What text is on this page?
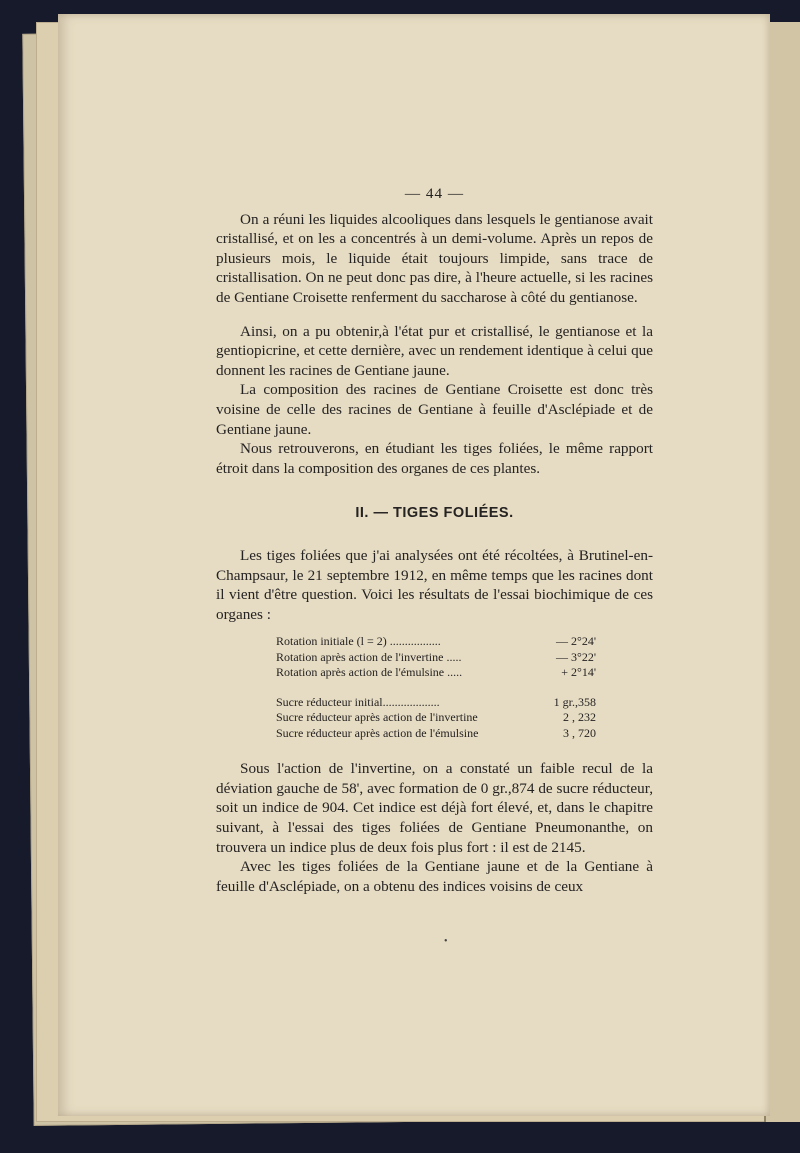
— 44 —

On a réuni les liquides alcooliques dans lesquels le gentianose avait cristallisé, et on les a concentrés à un demi-volume. Après un repos de plusieurs mois, le liquide était toujours limpide, sans trace de cristallisation. On ne peut donc pas dire, à l'heure actuelle, si les racines de Gentiane Croisette renferment du saccharose à côté du gentianose.

Ainsi, on a pu obtenir,à l'état pur et cristallisé, le gentianose et la gentiopicrine, et cette dernière, avec un rendement identique à celui que donnent les racines de Gentiane jaune.

La composition des racines de Gentiane Croisette est donc très voisine de celle des racines de Gentiane à feuille d'Asclépiade et de Gentiane jaune.

Nous retrouverons, en étudiant les tiges foliées, le même rapport étroit dans la composition des organes de ces plantes.

II. — TIGES FOLIÉES.

Les tiges foliées que j'ai analysées ont été récoltées, à Brutinel-en-Champsaur, le 21 septembre 1912, en même temps que les racines dont il vient d'être question. Voici les résultats de l'essai biochimique de ces organes :

Rotation initiale (l = 2) .................	— 2°24'
Rotation après action de l'invertine .....	— 3°22'
Rotation après action de l'émulsine .....	+ 2°14'
Sucre réducteur initial...................	1 gr.,358
Sucre réducteur après action de l'invertine	2 , 232
Sucre réducteur après action de l'émulsine	3 , 720

Sous l'action de l'invertine, on a constaté un faible recul de la déviation gauche de 58', avec formation de 0 gr.,874 de sucre réducteur, soit un indice de 904. Cet indice est déjà fort élevé, et, dans le chapitre suivant, à l'essai des tiges foliées de Gentiane Pneumonanthe, on trouvera un indice plus de deux fois plus fort : il est de 2145.

Avec les tiges foliées de la Gentiane jaune et de la Gentiane à feuille d'Asclépiade, on a obtenu des indices voisins de ceux

•
